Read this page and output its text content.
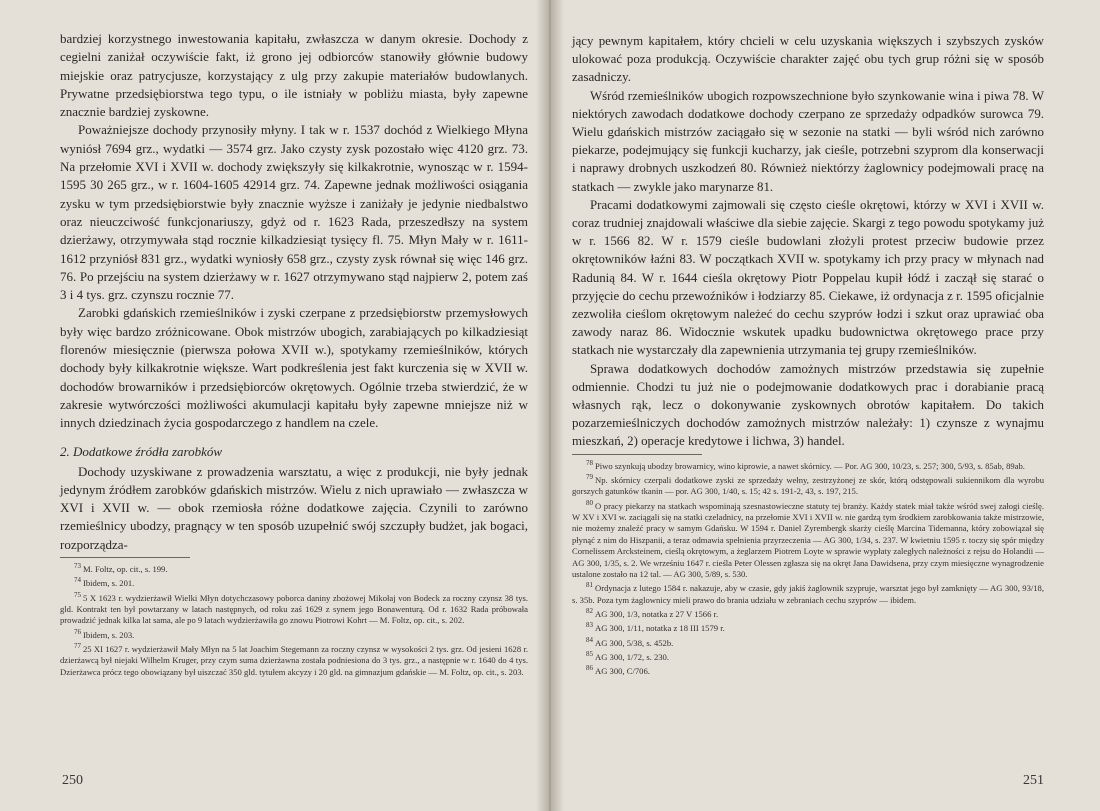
bardziej korzystnego inwestowania kapitału, zwłaszcza w danym okresie. Dochody z cegielni zaniżał oczywiście fakt, iż grono jej odbiorców stanowiły głównie budowy miejskie oraz patrycjusze, korzystający z ulg przy zakupie materiałów budowlanych. Prywatne przedsiębiorstwa tego typu, o ile istniały w pobliżu miasta, były zapewne znacznie bardziej zyskowne.

Poważniejsze dochody przynosiły młyny. I tak w r. 1537 dochód z Wielkiego Młyna wyniósł 7694 grz., wydatki — 3574 grz. Jako czysty zysk pozostało więc 4120 grz. 73. Na przełomie XVI i XVII w. dochody zwiększyły się kilkakrotnie, wynosząc w r. 1594-1595 30 265 grz., w r. 1604-1605 42914 grz. 74. Zapewne jednak możliwości osiągania zysku w tym przedsiębiorstwie były znacznie wyższe i zaniżały je jedynie niedbalstwo oraz nieuczciwość funkcjonariuszy, gdyż od r. 1623 Rada, przeszedłszy na system dzierżawy, otrzymywała stąd rocznie kilkadziesiąt tysięcy fl. 75. Młyn Mały w r. 1611-1612 przyniósł 831 grz., wydatki wyniosły 658 grz., czysty zysk równał się więc 146 grz. 76. Po przejściu na system dzierżawy w r. 1627 otrzymywano stąd najpierw 2, potem zaś 3 i 4 tys. grz. czynszu rocznie 77.

Zarobki gdańskich rzemieślników i zyski czerpane z przedsiębiorstw przemysłowych były więc bardzo zróżnicowane. Obok mistrzów ubogich, zarabiających po kilkadziesiąt florenów miesięcznie (pierwsza połowa XVII w.), spotykamy rzemieślników, których dochody były kilkakrotnie większe. Wart podkreślenia jest fakt kurczenia się w XVII w. dochodów browarników i przedsiębiorców okrętowych. Ogólnie trzeba stwierdzić, że w zakresie wytwórczości możliwości akumulacji kapitału były zapewne mniejsze niż w innych dziedzinach życia gospodarczego z handlem na czele.

2. Dodatkowe źródła zarobków

Dochody uzyskiwane z prowadzenia warsztatu, a więc z produkcji, nie były jednak jedynym źródłem zarobków gdańskich mistrzów. Wielu z nich uprawiało — zwłaszcza w XVI i XVII w. — obok rzemiosła różne dodatkowe zajęcia. Czynili to zarówno rzemieślnicy ubodzy, pragnący w ten sposób uzupełnić swój szczupły budżet, jak bogaci, rozporządza-

$^{73}$ M. Foltz, op. cit., s. 199.
$^{74}$ Ibidem, s. 201.
$^{75}$ 5 X 1623 r. wydzierżawił Wielki Młyn dotychczasowy poborca daniny zbożowej Mikołaj von Bodeck za roczny czynsz 38 tys. gld. Kontrakt ten był powtarzany w latach następnych, od roku zaś 1629 z synem jego Bonawenturą. Od r. 1632 Rada próbowała prowadzić jednak kilka lat sama, ale po 9 latach wydzierżawiła go znowu Piotrowi Kohrt — M. Foltz, op. cit., s. 202.
$^{76}$ Ibidem, s. 203.
$^{77}$ 25 XI 1627 r. wydzierżawił Mały Młyn na 5 lat Joachim Stegemann za roczny czynsz w wysokości 2 tys. grz. Od jesieni 1628 r. dzierżawcą był niejaki Wilhelm Kruger, przy czym suma dzierżawna została podniesiona do 3 tys. grz., a następnie w r. 1640 do 4 tys. Dzierżawca prócz tego obowiązany był uiszczać 350 gld. tytułem akcyzy i 20 gld. na gimnazjum gdańskie — M. Foltz, op. cit., s. 203.
250

jący pewnym kapitałem, który chcieli w celu uzyskania większych i szybszych zysków ulokować poza produkcją. Oczywiście charakter zajęć obu tych grup różni się w sposób zasadniczy.

Wśród rzemieślników ubogich rozpowszechnione było szynkowanie wina i piwa 78. W niektórych zawodach dodatkowe dochody czerpano ze sprzedaży odpadków surowca 79. Wielu gdańskich mistrzów zaciągało się w sezonie na statki — byli wśród nich zarówno piekarze, podejmujący się funkcji kucharzy, jak cieśle, potrzebni szyprom dla konserwacji i naprawy drobnych uszkodzeń 80. Również niektórzy żaglownicy podejmowali pracę na statkach — zwykle jako marynarze 81.

Pracami dodatkowymi zajmowali się często cieśle okrętowi, którzy w XVI i XVII w. coraz trudniej znajdowali właściwe dla siebie zajęcie. Skargi z tego powodu spotykamy już w r. 1566 82. W r. 1579 cieśle budowlani złożyli protest przeciw budowie przez okrętowników łaźni 83. W początkach XVII w. spotykamy ich przy pracy w młynach nad Radunią 84. W r. 1644 cieśla okrętowy Piotr Poppelau kupił łódź i zaczął się starać o przyjęcie do cechu przewoźników i łodziarzy 85. Ciekawe, iż ordynacja z r. 1595 oficjalnie zezwoliła cieślom okrętowym należeć do cechu szyprów łodzi i szkut oraz uprawiać oba zawody naraz 86. Widocznie wskutek upadku budownictwa okrętowego prace przy statkach nie wystarczały dla zapewnienia utrzymania tej grupy rzemieślników.

Sprawa dodatkowych dochodów zamożnych mistrzów przedstawia się zupełnie odmiennie. Chodzi tu już nie o podejmowanie dodatkowych prac i dorabianie pracą własnych rąk, lecz o dokonywanie zyskownych obrotów kapitałem. Do takich pozarzemieślniczych dochodów zamożnych mistrzów należały: 1) czynsze z wynajmu mieszkań, 2) operacje kredytowe i lichwa, 3) handel.

$^{78}$ Piwo szynkują ubodzy browarnicy, wino kiprowie, a nawet skórnicy. — Por. AG 300, 10/23, s. 257; 300, 5/93, s. 85ab, 89ab.
$^{79}$ Np. skórnicy czerpali dodatkowe zyski ze sprzedaży wełny, zestrzyżonej ze skór, którą odstępowali sukiennikom dla wyrobu gorszych gatunków tkanin — por. AG 300, 1/40, s. 15; 42 s. 191-2, 43, s. 197, 215.
$^{80}$ O pracy piekarzy na statkach wspominają szesnastowieczne statuty tej branży. Każdy statek miał także wśród swej załogi cieślę. W XV i XVI w. zaciągali się na statki czeladnicy, na przełomie XVI i XVII w. nie gardzą tym środkiem zarobkowania także mistrzowie, nie możemy znaleźć pracy w samym Gdańsku. W 1594 r. Daniel Zyrembergk skarży cieślę Marcina Tidemanna, który zobowiązał się płynąć z nim do Hiszpanii, a teraz odmawia spełnienia przyrzeczenia — AG 300, 1/34, s. 237. W kwietniu 1595 r. toczy się spór między Cornelissem Arcksteinem, cieślą okrętowym, a żeglarzem Piotrem Loyte w sprawie wypłaty zaległych należności z rejsu do Holandii — AG 300, 1/35, s. 2. We wrześniu 1647 r. cieśla Peter Olessen zgłasza się na okręt Jana Dawidsena, przy czym miesięczne wynagrodzenie ustalone zostało na 12 tal. — AG 300, 5/89, s. 530.
$^{81}$ Ordynacja z lutego 1584 r. nakazuje, aby w czasie, gdy jakiś żaglownik szypruje, warsztat jego był zamknięty — AG 300, 93/18, s. 35b. Poza tym żaglownicy mieli prawo do brania udziału w zebraniach cechu szyprów — ibidem.
$^{82}$ AG 300, 1/3, notatka z 27 V 1566 r.
$^{83}$ AG 300, 1/11, notatka z 18 III 1579 r.
$^{84}$ AG 300, 5/38, s. 452b.
$^{85}$ AG 300, 1/72, s. 230.
$^{86}$ AG 300, C/706.
251
